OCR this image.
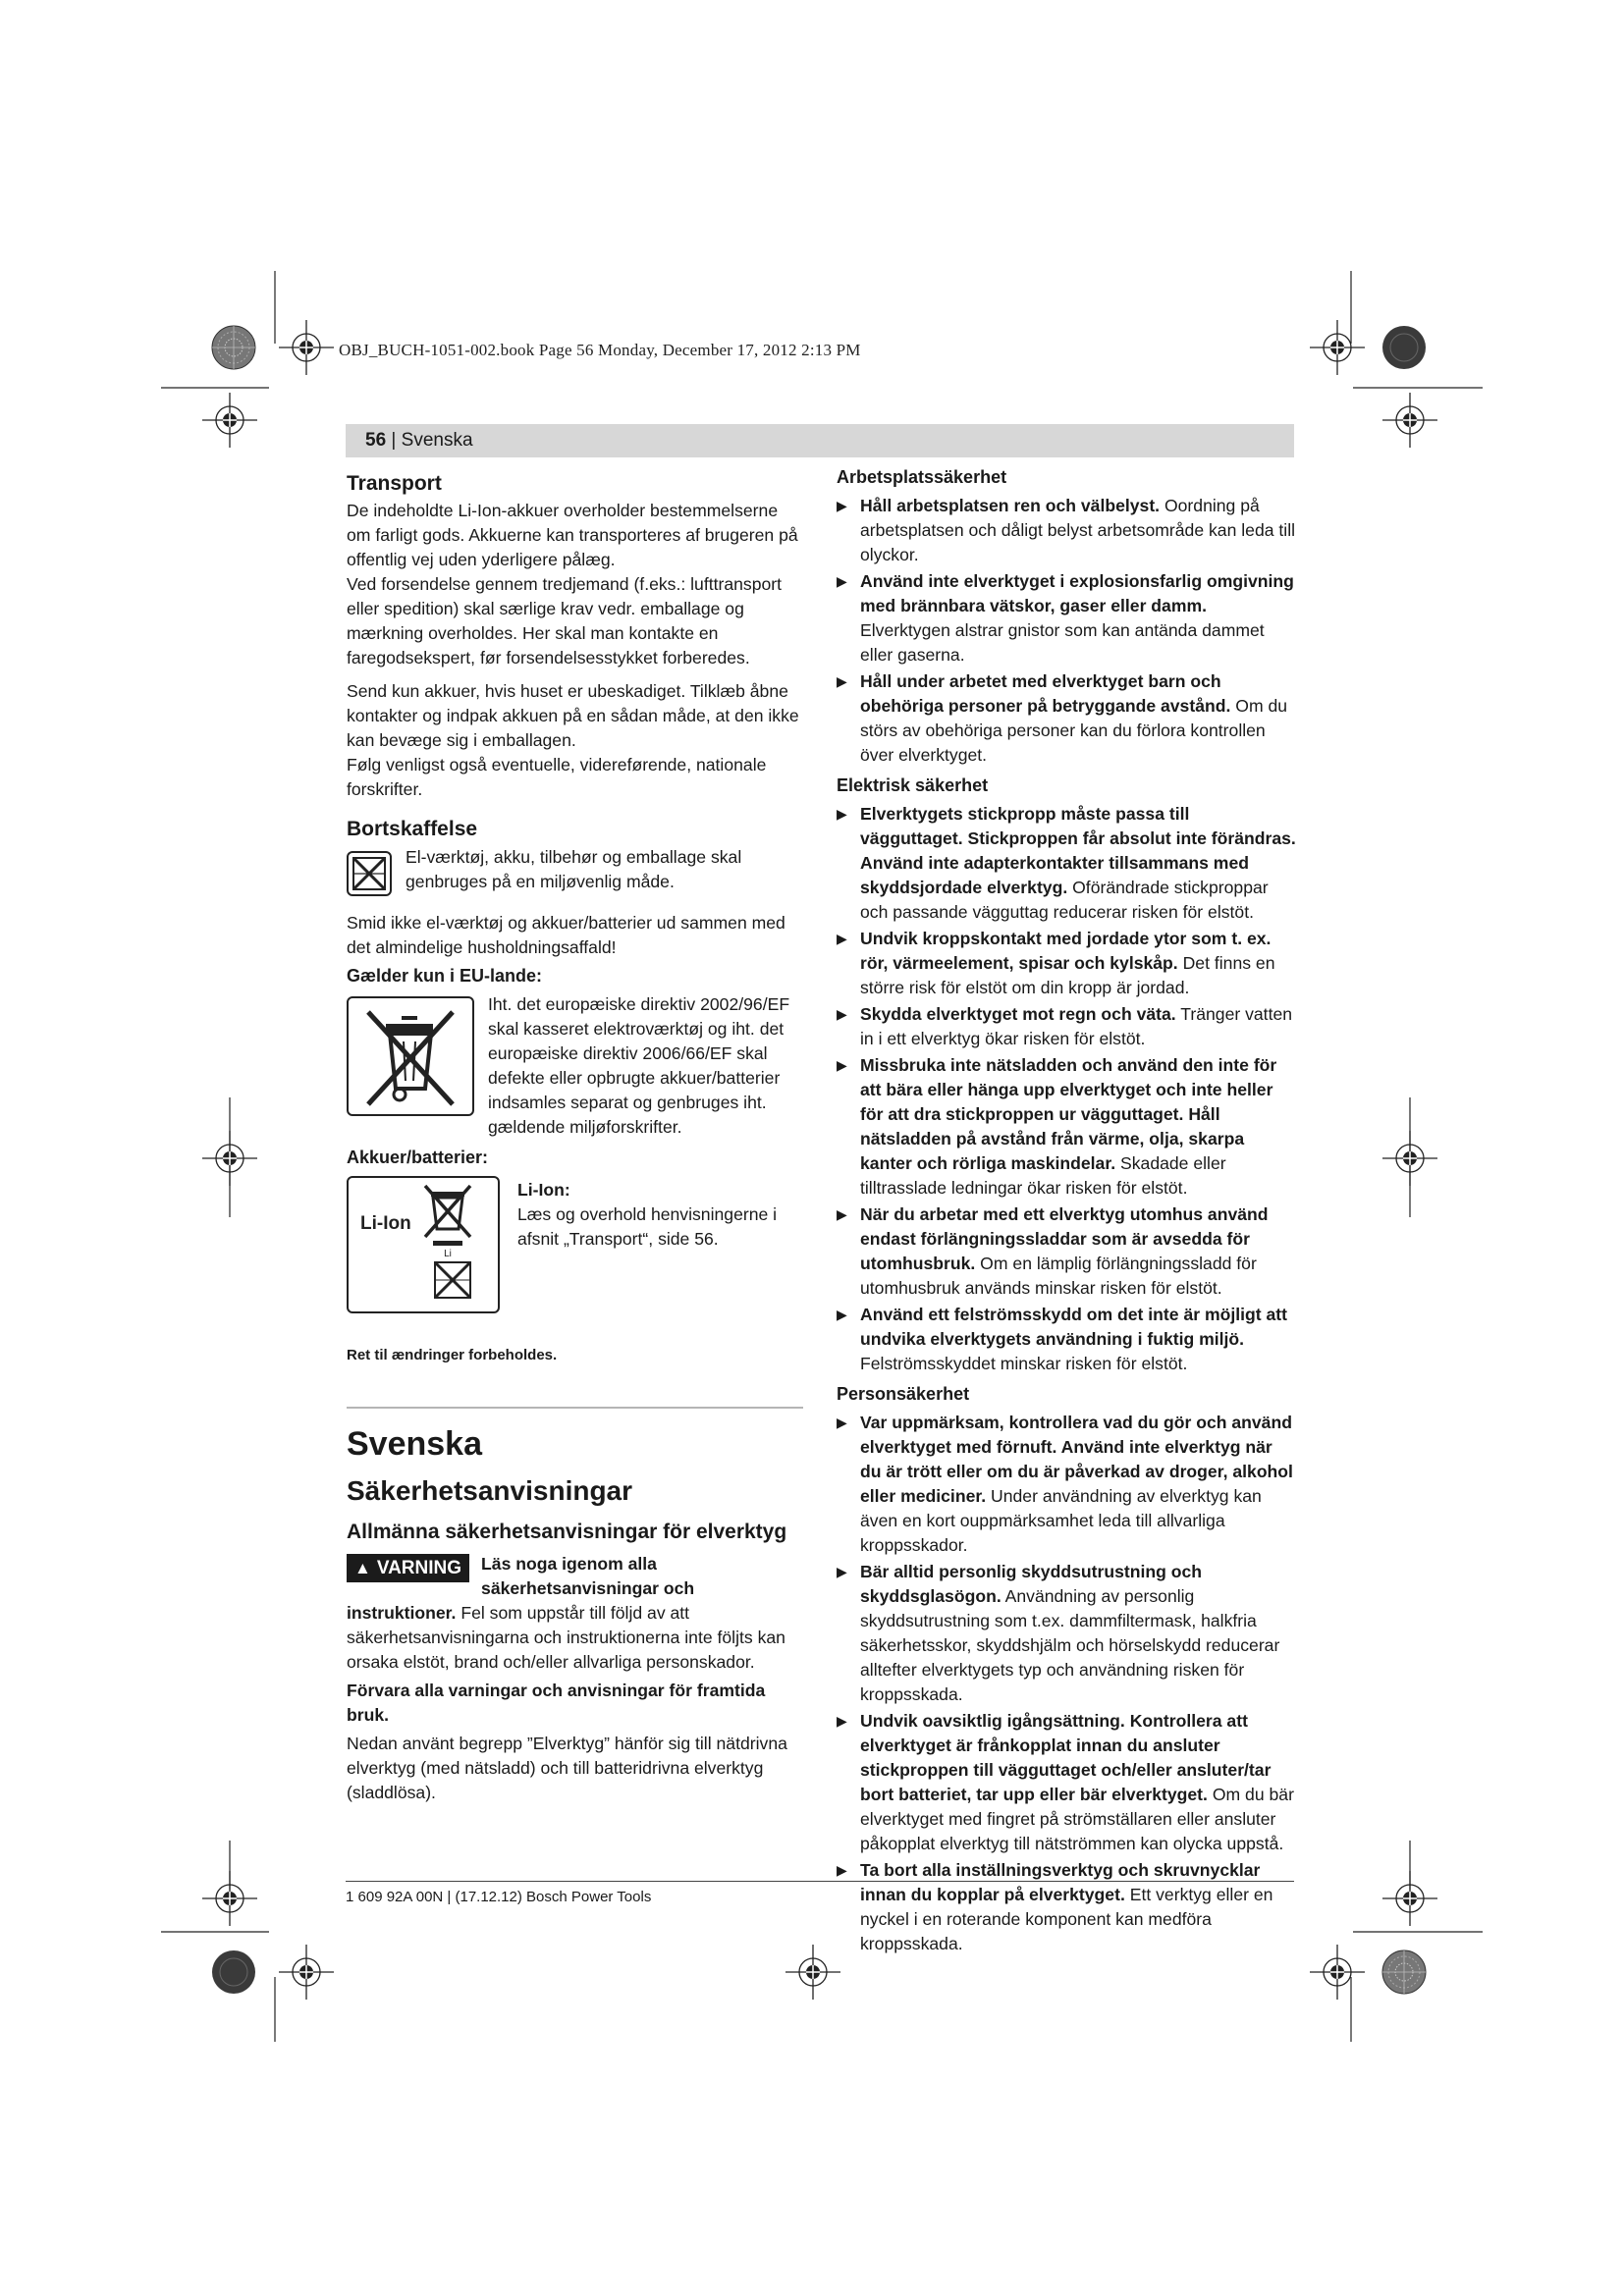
OBJ_BUCH-1051-002.book Page 56 Monday, December 17, 2012 2:13 PM
56 | Svenska
Transport

De indeholdte Li-Ion-akkuer overholder bestemmelserne om farligt gods. Akkuerne kan transporteres af brugeren på offentlig vej uden yderligere pålæg.

Ved forsendelse gennem tredjemand (f.eks.: lufttransport eller spedition) skal særlige krav vedr. emballage og mærkning overholdes. Her skal man kontakte en faregodsekspert, før forsendelsesstykket forberedes.

Send kun akkuer, hvis huset er ubeskadiget. Tilklæb åbne kontakter og indpak akkuen på en sådan måde, at den ikke kan bevæge sig i emballagen.

Følg venligst også eventuelle, videreførende, nationale forskrifter.

Bortskaffelse

El-værktøj, akku, tilbehør og emballage skal genbruges på en miljøvenlig måde.

Smid ikke el-værktøj og akkuer/batterier ud sammen med det almindelige husholdningsaffald!

Gælder kun i EU-lande:

Iht. det europæiske direktiv 2002/96/EF skal kasseret elektroværktøj og iht. det europæiske direktiv 2006/66/EF skal defekte eller opbrugte akkuer/batterier indsamles separat og genbruges iht. gældende miljøforskrifter.

Akkuer/batterier:
Li-Ion
Li

Li-Ion:

Læs og overhold henvisningerne i afsnit „Transport“, side 56.

Ret til ændringer forbeholdes.

Svenska
Säkerhetsanvisningar
Allmänna säkerhetsanvisningar för elverktyg

▲ VARNING Läs noga igenom alla säkerhetsanvisningar och instruktioner. Fel som uppstår till följd av att säkerhetsanvisningarna och instruktionerna inte följts kan orsaka elstöt, brand och/eller allvarliga personskador.

Förvara alla varningar och anvisningar för framtida bruk.

Nedan använt begrepp ”Elverktyg” hänför sig till nätdrivna elverktyg (med nätsladd) och till batteridrivna elverktyg (sladdlösa).

Arbetsplatssäkerhet
▶ Håll arbetsplatsen ren och välbelyst. Oordning på arbetsplatsen och dåligt belyst arbetsområde kan leda till olyckor.
▶ Använd inte elverktyget i explosionsfarlig omgivning med brännbara vätskor, gaser eller damm. Elverktygen alstrar gnistor som kan antända dammet eller gaserna.
▶ Håll under arbetet med elverktyget barn och obehöriga personer på betryggande avstånd. Om du störs av obehöriga personer kan du förlora kontrollen över elverktyget.
Elektrisk säkerhet
▶ Elverktygets stickpropp måste passa till vägguttaget. Stickproppen får absolut inte förändras. Använd inte adapterkontakter tillsammans med skyddsjordade elverktyg. Oförändrade stickproppar och passande vägguttag reducerar risken för elstöt.
▶ Undvik kroppskontakt med jordade ytor som t. ex. rör, värmeelement, spisar och kylskåp. Det finns en större risk för elstöt om din kropp är jordad.
▶ Skydda elverktyget mot regn och väta. Tränger vatten in i ett elverktyg ökar risken för elstöt.
▶ Missbruka inte nätsladden och använd den inte för att bära eller hänga upp elverktyget och inte heller för att dra stickproppen ur vägguttaget. Håll nätsladden på avstånd från värme, olja, skarpa kanter och rörliga maskindelar. Skadade eller tilltrasslade ledningar ökar risken för elstöt.
▶ När du arbetar med ett elverktyg utomhus använd endast förlängningssladdar som är avsedda för utomhusbruk. Om en lämplig förlängningssladd för utomhusbruk används minskar risken för elstöt.
▶ Använd ett felströmsskydd om det inte är möjligt att undvika elverktygets användning i fuktig miljö. Felströmsskyddet minskar risken för elstöt.
Personsäkerhet
▶ Var uppmärksam, kontrollera vad du gör och använd elverktyget med förnuft. Använd inte elverktyg när du är trött eller om du är påverkad av droger, alkohol eller mediciner. Under användning av elverktyg kan även en kort ouppmärksamhet leda till allvarliga kroppsskador.
▶ Bär alltid personlig skyddsutrustning och skyddsglasögon. Användning av personlig skyddsutrustning som t.ex. dammfiltermask, halkfria säkerhetsskor, skyddshjälm och hörselskydd reducerar alltefter elverktygets typ och användning risken för kroppsskada.
▶ Undvik oavsiktlig igångsättning. Kontrollera att elverktyget är frånkopplat innan du ansluter stickproppen till vägguttaget och/eller ansluter/tar bort batteriet, tar upp eller bär elverktyget. Om du bär elverktyget med fingret på strömställaren eller ansluter påkopplat elverktyg till nätströmmen kan olycka uppstå.
▶ Ta bort alla inställningsverktyg och skruvnycklar innan du kopplar på elverktyget. Ett verktyg eller en nyckel i en roterande komponent kan medföra kroppsskada.
1 609 92A 00N | (17.12.12) Bosch Power Tools
